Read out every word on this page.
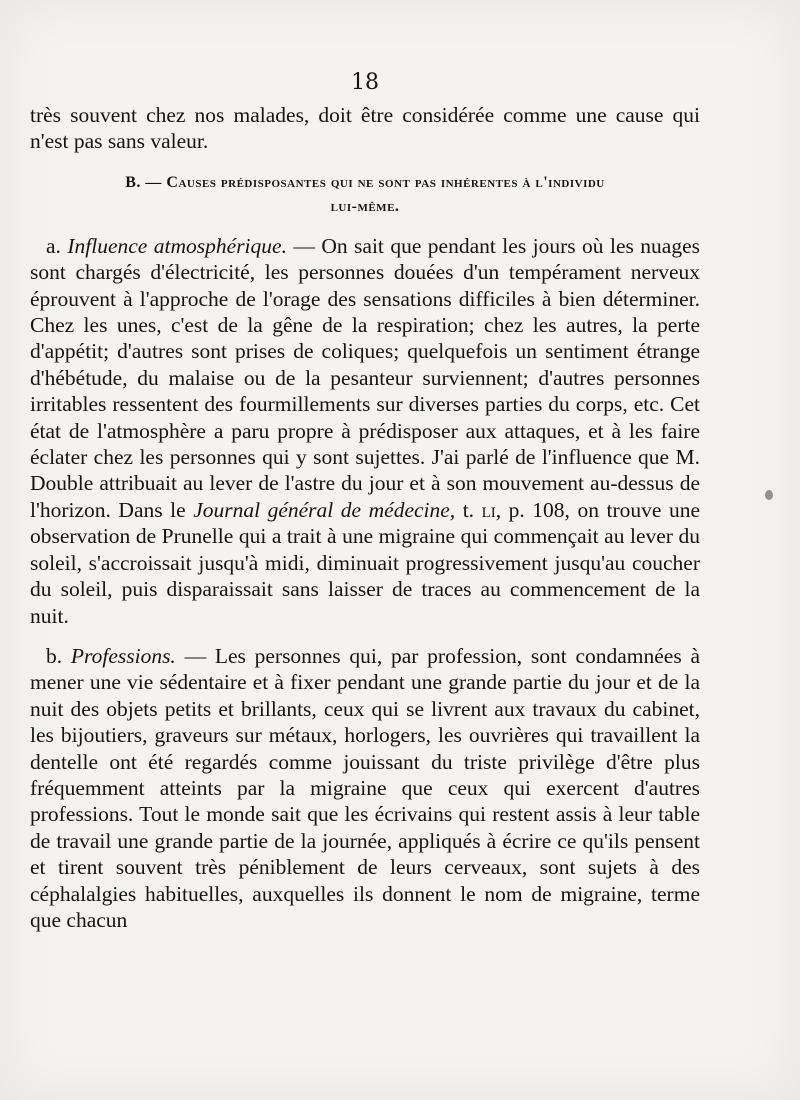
18

très souvent chez nos malades, doit être considérée comme une cause qui n'est pas sans valeur.

B. — Causes prédisposantes qui ne sont pas inhérentes à l'individu
lui-même.

a. Influence atmosphérique. — On sait que pendant les jours où les nuages sont chargés d'électricité, les personnes douées d'un tempérament nerveux éprouvent à l'approche de l'orage des sensations difficiles à bien déterminer. Chez les unes, c'est de la gêne de la respiration; chez les autres, la perte d'appétit; d'autres sont prises de coliques; quelquefois un sentiment étrange d'hébétude, du malaise ou de la pesanteur surviennent; d'autres personnes irritables ressentent des fourmillements sur diverses parties du corps, etc. Cet état de l'atmosphère a paru propre à prédisposer aux attaques, et à les faire éclater chez les personnes qui y sont sujettes. J'ai parlé de l'influence que M. Double attribuait au lever de l'astre du jour et à son mouvement au-dessus de l'horizon. Dans le Journal général de médecine, t. li, p. 108, on trouve une observation de Prunelle qui a trait à une migraine qui commençait au lever du soleil, s'accroissait jusqu'à midi, diminuait progressivement jusqu'au coucher du soleil, puis disparaissait sans laisser de traces au commencement de la nuit.

b. Professions. — Les personnes qui, par profession, sont condamnées à mener une vie sédentaire et à fixer pendant une grande partie du jour et de la nuit des objets petits et brillants, ceux qui se livrent aux travaux du cabinet, les bijoutiers, graveurs sur métaux, horlogers, les ouvrières qui travaillent la dentelle ont été regardés comme jouissant du triste privilège d'être plus fréquemment atteints par la migraine que ceux qui exercent d'autres professions. Tout le monde sait que les écrivains qui restent assis à leur table de travail une grande partie de la journée, appliqués à écrire ce qu'ils pensent et tirent souvent très péniblement de leurs cerveaux, sont sujets à des céphalalgies habituelles, auxquelles ils donnent le nom de migraine, terme que chacun
